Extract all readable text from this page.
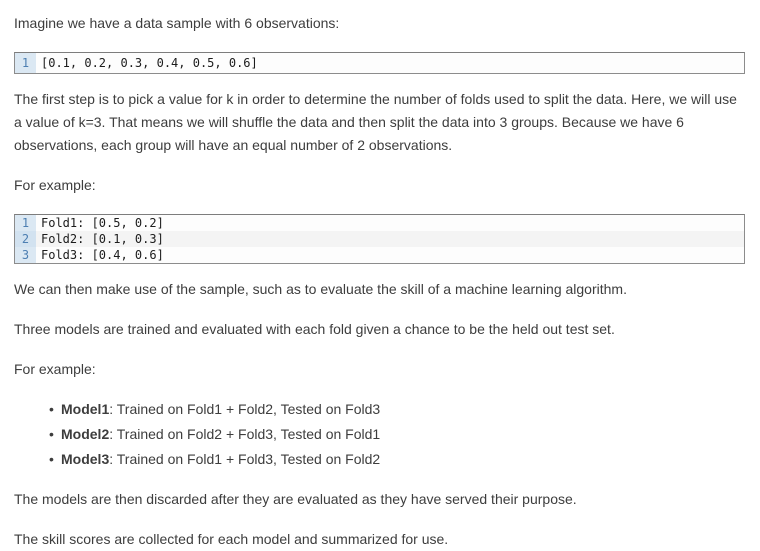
Imagine we have a data sample with 6 observations:

1 [0.1, 0.2, 0.3, 0.4, 0.5, 0.6]

The first step is to pick a value for k in order to determine the number of folds used to split the data. Here, we will use a value of k=3. That means we will shuffle the data and then split the data into 3 groups. Because we have 6 observations, each group will have an equal number of 2 observations.

For example:

1 Fold1: [0.5, 0.2]
2 Fold2: [0.1, 0.3]
3 Fold3: [0.4, 0.6]

We can then make use of the sample, such as to evaluate the skill of a machine learning algorithm.

Three models are trained and evaluated with each fold given a chance to be the held out test set.

For example:

• Model1: Trained on Fold1 + Fold2, Tested on Fold3
• Model2: Trained on Fold2 + Fold3, Tested on Fold1
• Model3: Trained on Fold1 + Fold3, Tested on Fold2

The models are then discarded after they are evaluated as they have served their purpose.

The skill scores are collected for each model and summarized for use.
